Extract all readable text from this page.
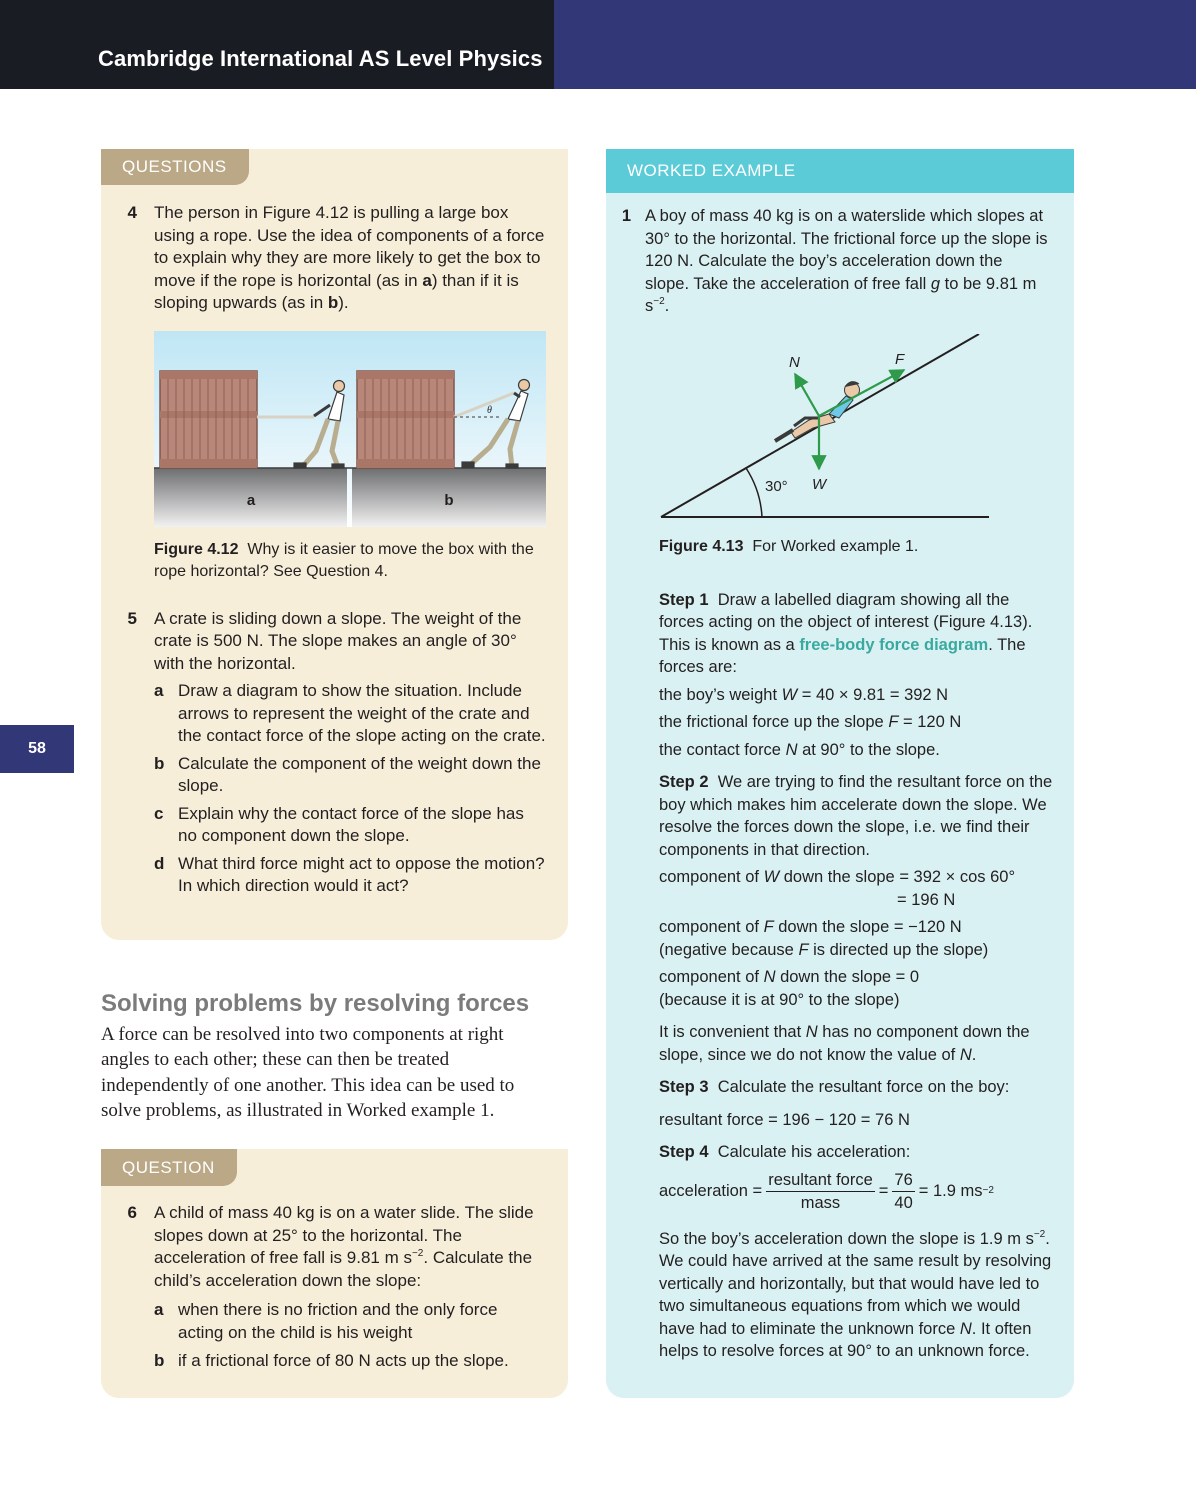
Cambridge International AS Level Physics
58
QUESTIONS
4	The person in Figure 4.12 is pulling a large box using a rope. Use the idea of components of a force to explain why they are more likely to get the box to move if the rope is horizontal (as in a) than if it is sloping upwards (as in b).
θ
a	b
Figure 4.12 Why is it easier to move the box with the rope horizontal? See Question 4.
5	A crate is sliding down a slope. The weight of the crate is 500 N. The slope makes an angle of 30° with the horizontal.
a Draw a diagram to show the situation. Include arrows to represent the weight of the crate and the contact force of the slope acting on the crate.
b Calculate the component of the weight down the slope.
c Explain why the contact force of the slope has no component down the slope.
d What third force might act to oppose the motion? In which direction would it act?
Solving problems by resolving forces
A force can be resolved into two components at right angles to each other; these can then be treated independently of one another. This idea can be used to solve problems, as illustrated in Worked example 1.
QUESTION
6	A child of mass 40 kg is on a water slide. The slide slopes down at 25° to the horizontal. The acceleration of free fall is 9.81 m $s^{-2}$. Calculate the child’s acceleration down the slope:
a when there is no friction and the only force acting on the child is his weight
b if a frictional force of 80 N acts up the slope.
WORKED EXAMPLE
1 A boy of mass 40 kg is on a waterslide which slopes at 30° to the horizontal. The frictional force up the slope is 120 N. Calculate the boy’s acceleration down the slope. Take the acceleration of free fall g to be 9.81 m $s^{-2}$.
30°
N	F
W
Figure 4.13 For Worked example 1.
Step 1 Draw a labelled diagram showing all the forces acting on the object of interest (Figure 4.13). This is known as a free-body force diagram. The forces are:
the boy’s weight W = 40 × 9.81 = 392 N
the frictional force up the slope F = 120 N
the contact force N at 90° to the slope.
Step 2 We are trying to find the resultant force on the boy which makes him accelerate down the slope. We resolve the forces down the slope, i.e. we find their components in that direction.
component of W down the slope = 392 × cos 60°
= 196 N
component of F down the slope = −120 N
(negative because F is directed up the slope)
component of N down the slope = 0
(because it is at 90° to the slope)
It is convenient that N has no component down the slope, since we do not know the value of N.
Step 3 Calculate the resultant force on the boy:
resultant force = 196 − 120 = 76 N
Step 4 Calculate his acceleration:
acceleration = $\frac{\text{resultant force}}{\text{mass}} = \frac{76}{40} = 1.9$ ms −2
So the boy’s acceleration down the slope is 1.9 m $s^{-2}$. We could have arrived at the same result by resolving vertically and horizontally, but that would have led to two simultaneous equations from which we would have had to eliminate the unknown force N. It often helps to resolve forces at 90° to an unknown force.
